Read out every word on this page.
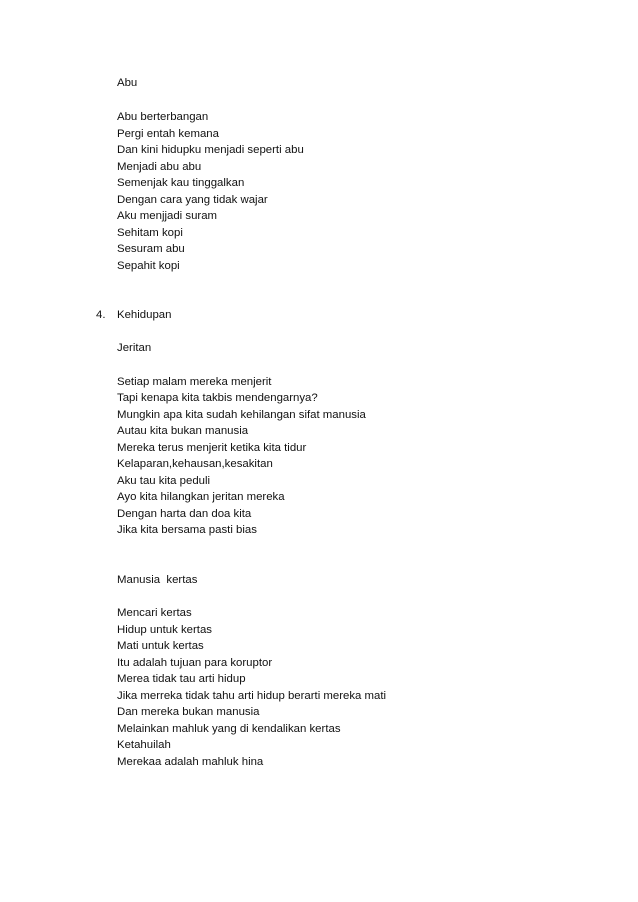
Abu
Abu berterbangan
Pergi entah kemana
Dan kini hidupku menjadi seperti abu
Menjadi abu abu
Semenjak kau tinggalkan
Dengan cara yang tidak wajar
Aku menjjadi suram
Sehitam kopi
Sesuram abu
Sepahit kopi
4. Kehidupan
Jeritan
Setiap malam mereka menjerit
Tapi kenapa kita takbis mendengarnya?
Mungkin apa kita sudah kehilangan sifat manusia
Autau kita bukan manusia
Mereka terus menjerit ketika kita tidur
Kelaparan,kehausan,kesakitan
Aku tau kita peduli
Ayo kita hilangkan jeritan mereka
Dengan harta dan doa kita
Jika kita bersama pasti bias
Manusia  kertas
Mencari kertas
Hidup untuk kertas
Mati untuk kertas
Itu adalah tujuan para koruptor
Merea tidak tau arti hidup
Jika merreka tidak tahu arti hidup berarti mereka mati
Dan mereka bukan manusia
Melainkan mahluk yang di kendalikan kertas
Ketahuilah
Merekaa adalah mahluk hina
